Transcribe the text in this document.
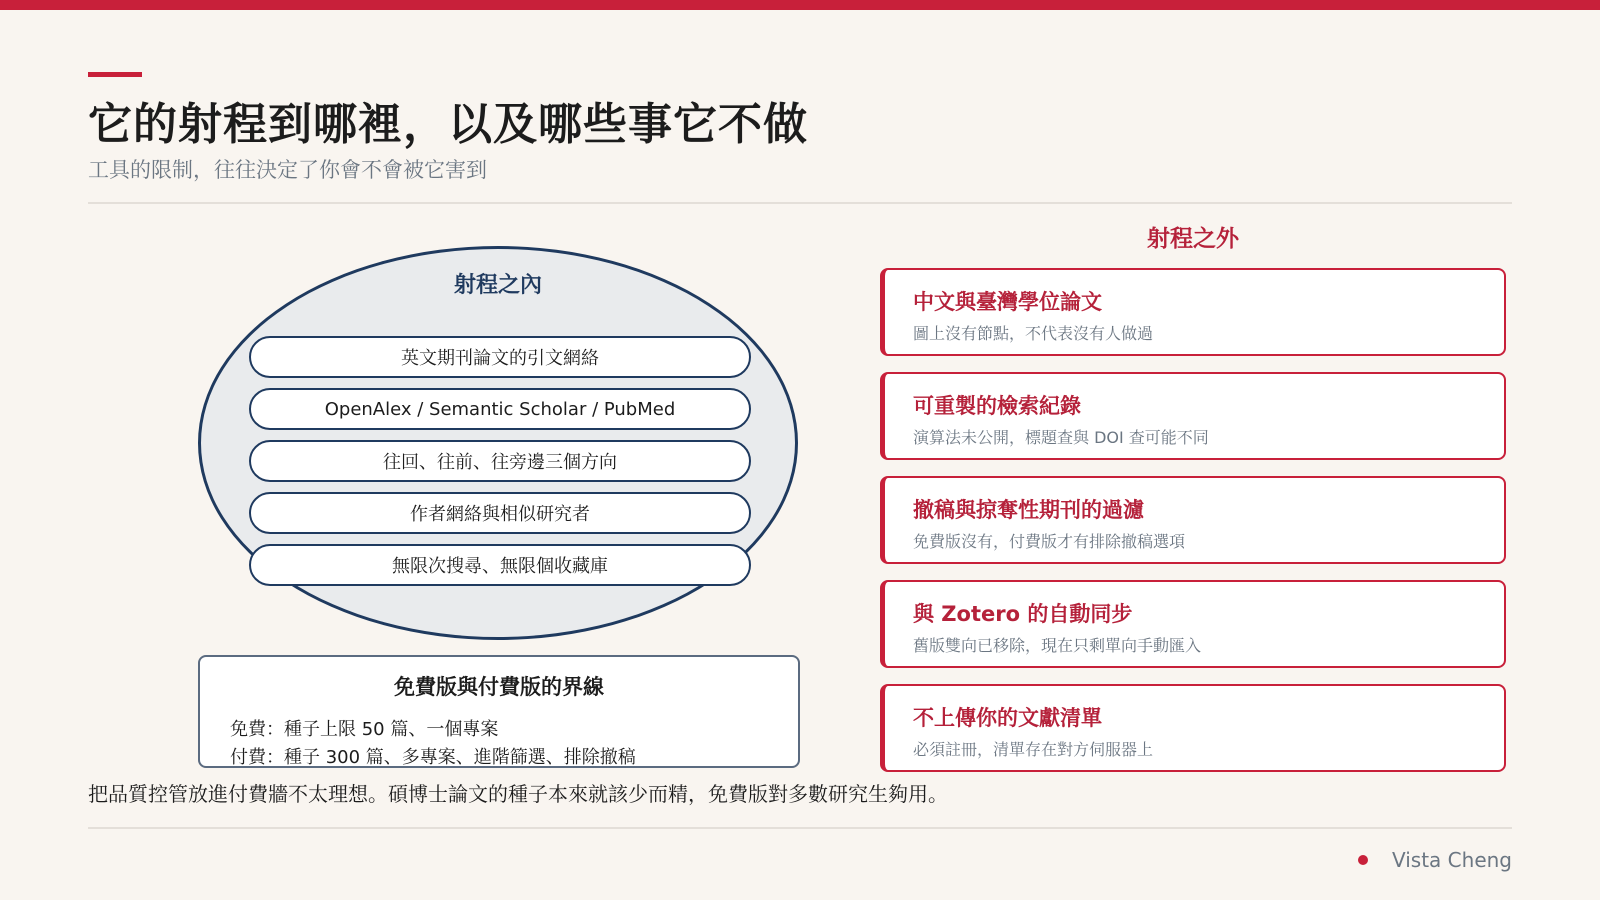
它的射程到哪裡，以及哪些事它不做
工具的限制，往往決定了你會不會被它害到
射程之內
英文期刊論文的引文網絡
OpenAlex / Semantic Scholar / PubMed
往回、往前、往旁邊三個方向
作者網絡與相似研究者
無限次搜尋、無限個收藏庫
免費版與付費版的界線
免費：種子上限 50 篇、一個專案
付費：種子 300 篇、多專案、進階篩選、排除撤稿
把品質控管放進付費牆不太理想。碩博士論文的種子本來就該少而精，免費版對多數研究生夠用。
射程之外
中文與臺灣學位論文
圖上沒有節點，不代表沒有人做過
可重製的檢索紀錄
演算法未公開，標題查與 DOI 查可能不同
撤稿與掠奪性期刊的過濾
免費版沒有，付費版才有排除撤稿選項
與 Zotero 的自動同步
舊版雙向已移除，現在只剩單向手動匯入
不上傳你的文獻清單
必須註冊，清單存在對方伺服器上
Vista Cheng
